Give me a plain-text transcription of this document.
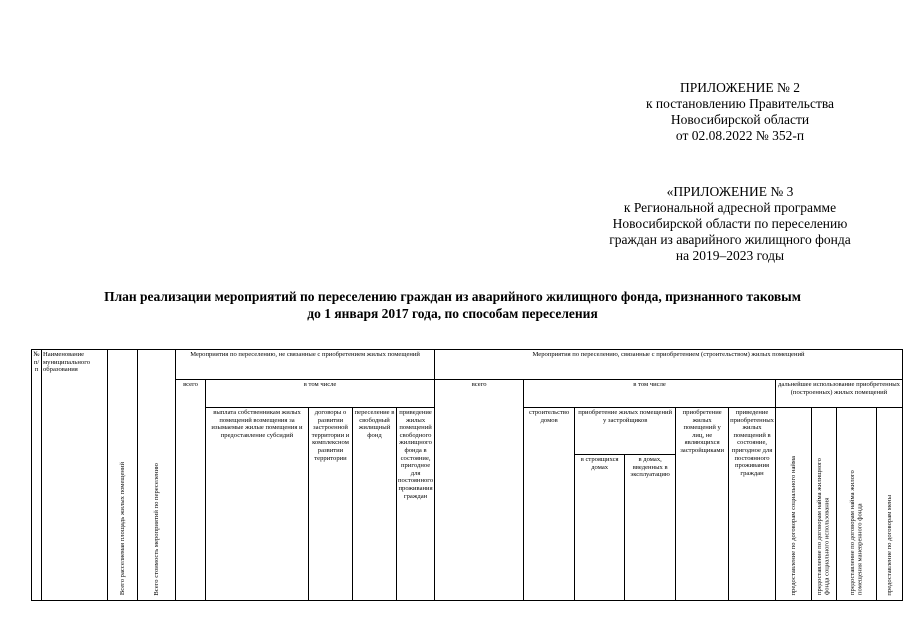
ПРИЛОЖЕНИЕ № 2
к постановлению Правительства
Новосибирской области
от 02.08.2022 № 352-п
«ПРИЛОЖЕНИЕ № 3
к Региональной адресной программе
Новосибирской области по переселению
граждан из аварийного жилищного фонда
на 2019–2023 годы
План реализации мероприятий по переселению граждан из аварийного жилищного фонда, признанного таковым
до 1 января 2017 года, по способам переселения
№ п/п	Наименование муниципального образования	Всего расселяемая площадь жилых помещений	Всего стоимость мероприятий по переселению	Мероприятия по переселению, не связанные с приобретением жилых помещений					Мероприятия по переселению, связанные с приобретением (строительством) жилых помещений									
				всего	в том числе				всего	в том числе					дальнейшее использование приобретенных (построенных) жилых помещений			
					выплата собственникам жилых помещений возмещения за изымаемые жилые помещения и предоставление субсидий	договоры о развитии застроенной территории и комплексном развитии территории	переселение в свободный жилищный фонд	приведение жилых помещений свободного жилищного фонда в состояние, пригодное для постоянного проживания граждан		строительство домов	приобретение жилых помещений у застройщиков		приобретение жилых помещений у лиц, не являющихся застройщиками	приведение приобретенных жилых помещений в состояние, пригодное для постоянного проживания граждан	предоставление по договорам социального найма	предоставление по договорам найма жилищного фонда социального использования	предоставление по договорам найма жилого помещения маневренного фонда	предоставление по договорам мены
											в строящихся домах	в домах, введенных в эксплуатацию						
